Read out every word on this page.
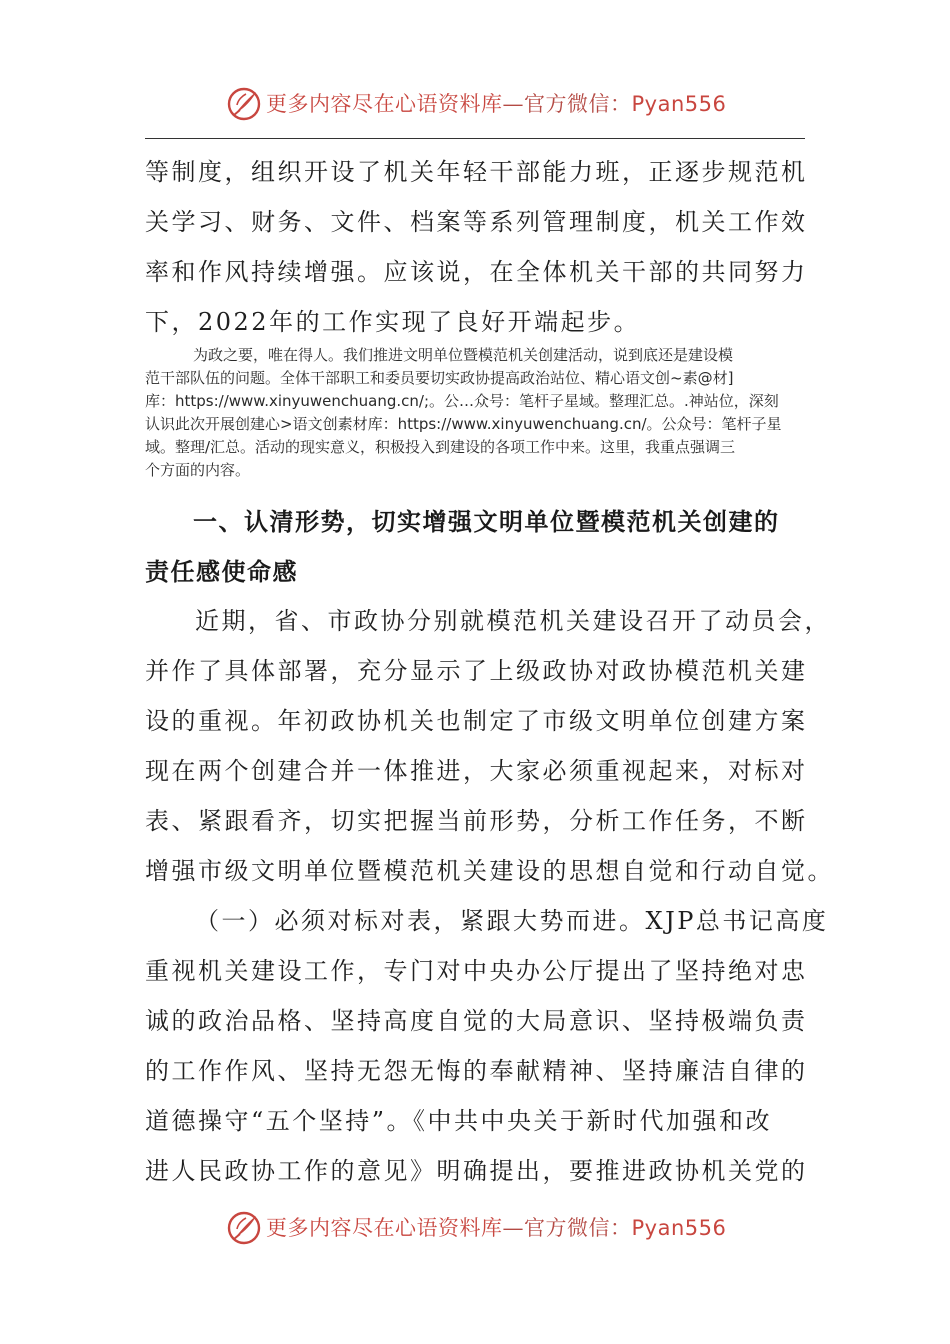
更多内容尽在心语资料库—官方微信：Pyan556
等制度，组织开设了机关年轻干部能力班，正逐步规范机
关学习、财务、文件、档案等系列管理制度，机关工作效
率和作风持续增强。应该说，在全体机关干部的共同努力
下，2022年的工作实现了良好开端起步。
为政之要，唯在得人。我们推进文明单位暨模范机关创建活动，说到底还是建设模
范干部队伍的问题。全体干部职工和委员要切实政协提高政治站位、精心语文创~素@材]
库：https://www.xinyuwenchuang.cn/;。公…众号：笔杆子星域。整理汇总。.神站位，深刻
认识此次开展创建心>语文创素材库：https://www.xinyuwenchuang.cn/。公众号：笔杆子星
域。整理/汇总。活动的现实意义，积极投入到建设的各项工作中来。这里，我重点强调三
个方面的内容。
一、认清形势，切实增强文明单位暨模范机关创建的
责任感使命感
近期，省、市政协分别就模范机关建设召开了动员会，
并作了具体部署，充分显示了上级政协对政协模范机关建
设的重视。年初政协机关也制定了市级文明单位创建方案
现在两个创建合并一体推进，大家必须重视起来，对标对
表、紧跟看齐，切实把握当前形势，分析工作任务，不断
增强市级文明单位暨模范机关建设的思想自觉和行动自觉。
（一）必须对标对表，紧跟大势而进。XJP总书记高度
重视机关建设工作，专门对中央办公厅提出了坚持绝对忠
诚的政治品格、坚持高度自觉的大局意识、坚持极端负责
的工作作风、坚持无怨无悔的奉献精神、坚持廉洁自律的
道德操守“五个坚持”。《中共中央关于新时代加强和改
进人民政协工作的意见》明确提出，要推进政协机关党的
更多内容尽在心语资料库—官方微信：Pyan556
